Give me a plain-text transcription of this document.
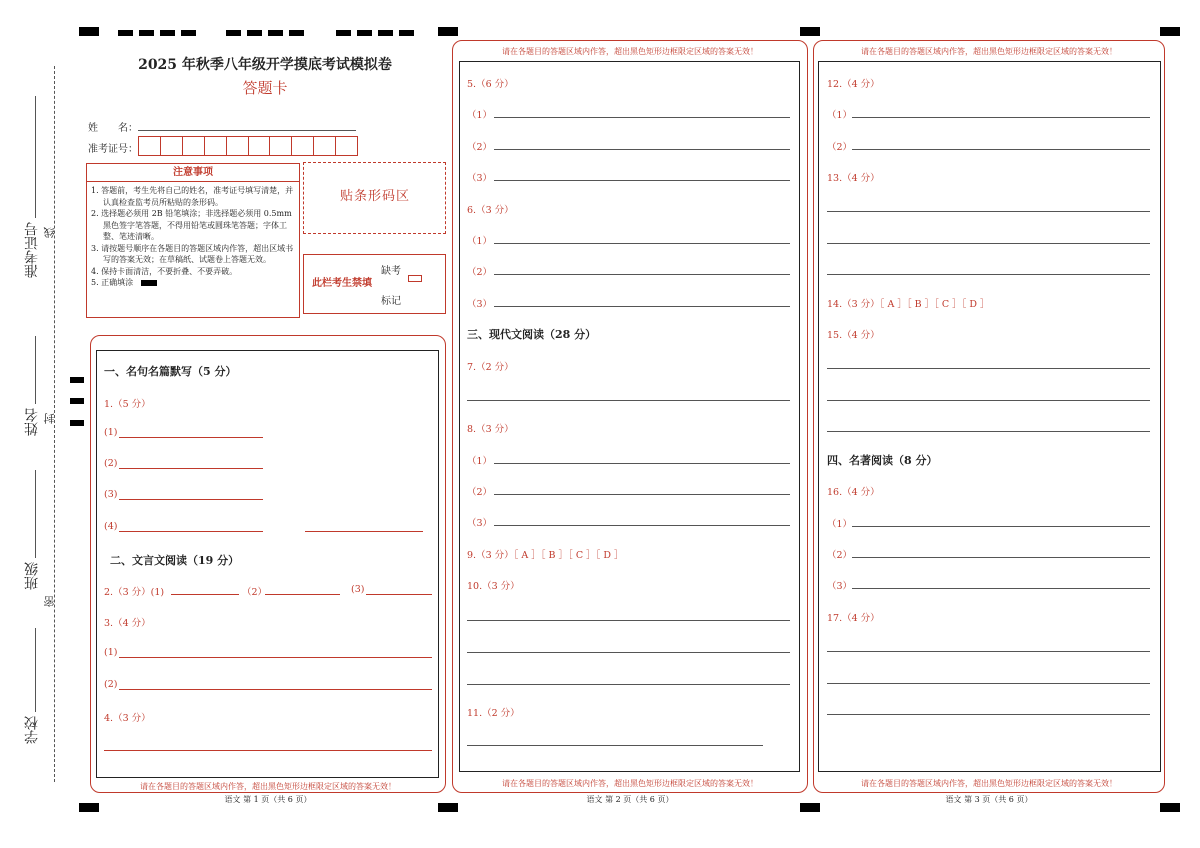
准考证号 线
姓名 封
班级
密
学校
2025 年秋季八年级开学摸底考试模拟卷
答题卡
姓　　名：
准考证号：
注意事项
1. 答题前，考生先将自己的姓名，准考证号填写清楚，并认真检查监考员所粘贴的条形码。
2. 选择题必须用 2B 铅笔填涂；非选择题必须用 0.5mm 黑色签字笔答题，不得用铅笔或圆珠笔答题；字体工整、笔迹清晰。
3. 请按题号顺序在各题目的答题区域内作答，超出区域书写的答案无效；在草稿纸、试题卷上答题无效。
4. 保持卡面清洁，不要折叠、不要弄破。
5. 正确填涂　
贴条形码区
此栏考生禁填
缺考
标记
请在各题目的答题区域内作答，超出黑色矩形边框限定区域的答案无效！
语文 第 1 页（共 6 页）
一、名句名篇默写（5 分）
1.（5 分）
(1)
(2)
(3)
(4)
二、文言文阅读（19 分）
2.（3 分）(1)	（2）	(3)
3.（4 分）
(1)
(2)
4.（3 分）
请在各题目的答题区域内作答，超出黑色矩形边框限定区域的答案无效！
请在各题目的答题区域内作答，超出黑色矩形边框限定区域的答案无效！
语文 第 2 页（共 6 页）
5.（6 分）
（1）
（2）
（3）
6.（3 分）
（1）
（2）
（3）
三、现代文阅读（28 分）
7.（2 分）
8.（3 分）
（1）
（2）
（3）
9.（3 分）［ A ］［ B ］［ C ］［ D ］
10.（3 分）
11.（2 分）
请在各题目的答题区域内作答，超出黑色矩形边框限定区域的答案无效！
请在各题目的答题区域内作答，超出黑色矩形边框限定区域的答案无效！
语文 第 3 页（共 6 页）
12.（4 分）
（1）
（2）
13.（4 分）
14.（3 分）［ A ］［ B ］［ C ］［ D ］
15.（4 分）
四、名著阅读（8 分）
16.（4 分）
（1）
（2）
（3）
17.（4 分）
